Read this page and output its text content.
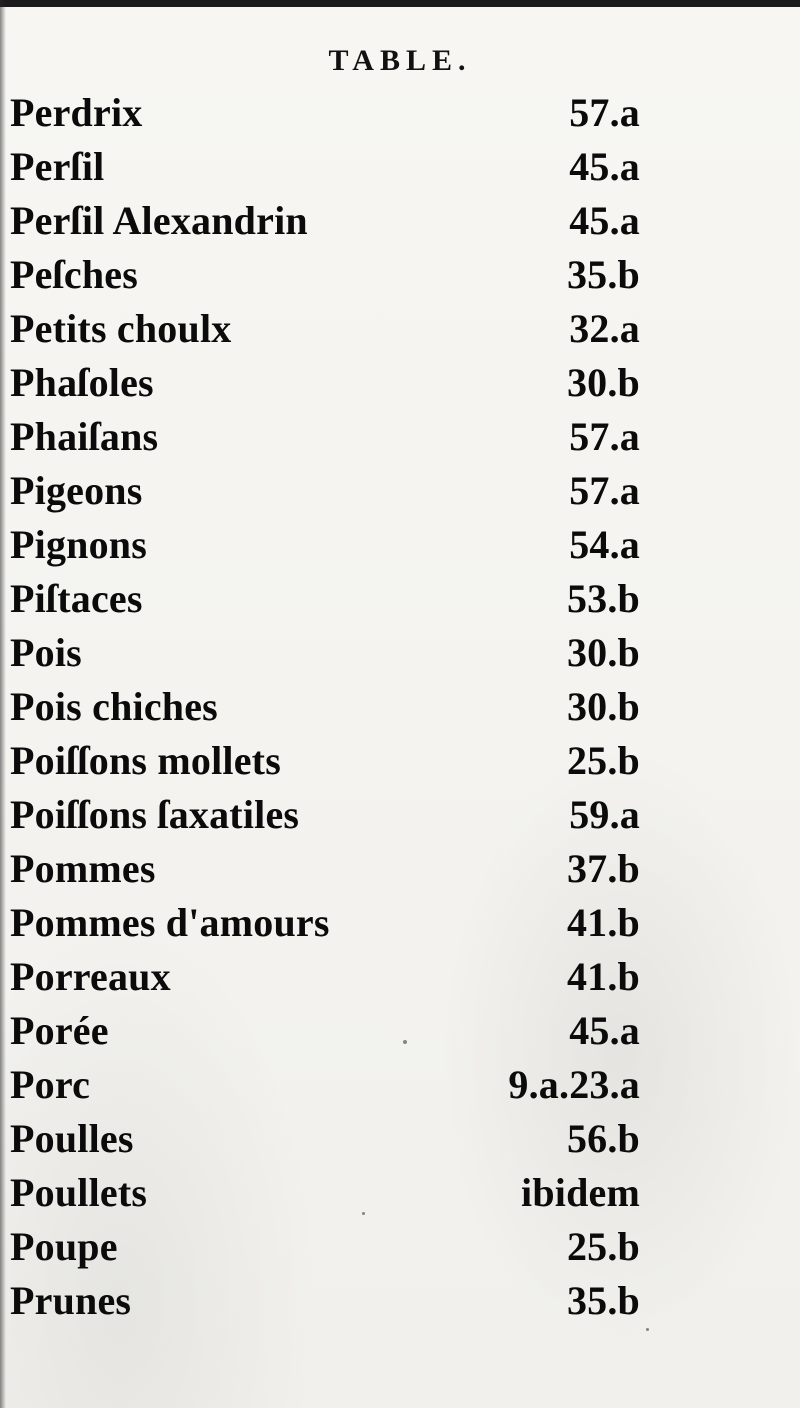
TABLE.
Perdrix	57.a
Perſil	45.a
Perſil Alexandrin	45.a
Peſches	35.b
Petits choulx	32.a
Phaſoles	30.b
Phaiſans	57.a
Pigeons	57.a
Pignons	54.a
Piſtaces	53.b
Pois	30.b
Pois chiches	30.b
Poiſſons mollets	25.b
Poiſſons ſaxatiles	59.a
Pommes	37.b
Pommes d'amours	41.b
Porreaux	41.b
Porée	45.a
Porc	9.a.23.a
Poulles	56.b
Poullets	ibidem
Poupe	25.b
Prunes	35.b
